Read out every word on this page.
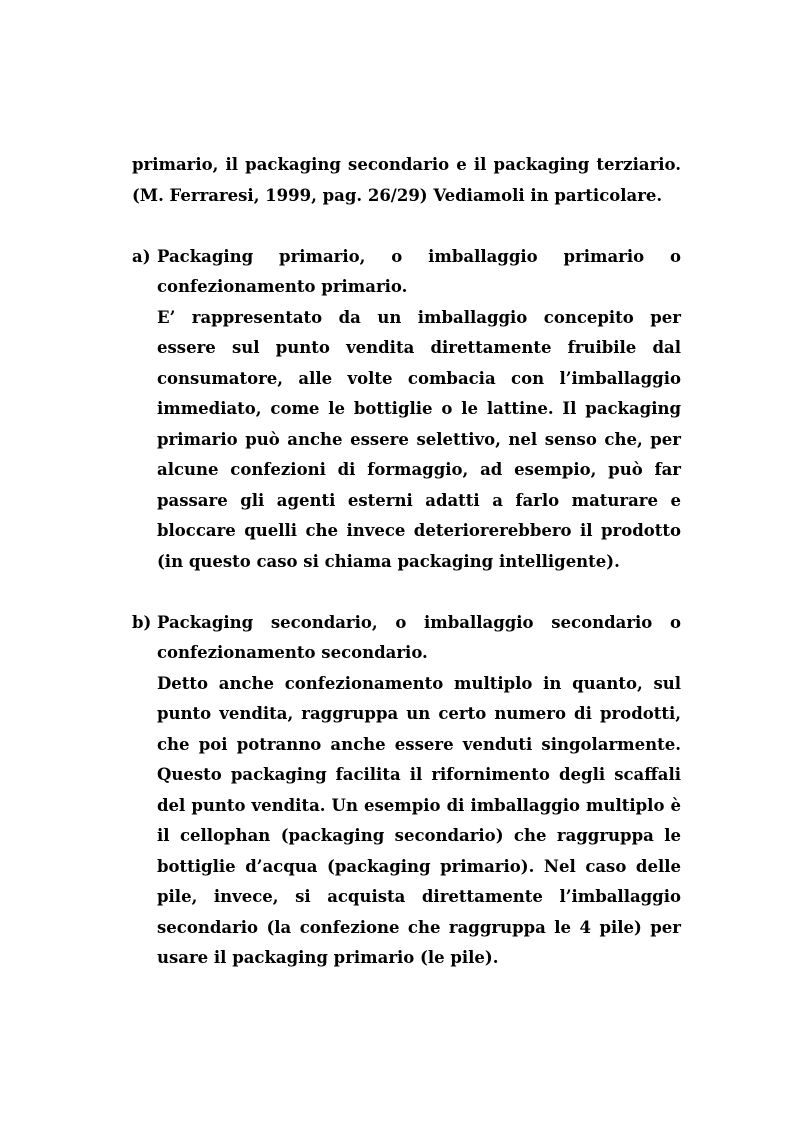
primario, il packaging secondario e il packaging terziario. (M. Ferraresi, 1999, pag. 26/29) Vediamoli in particolare.

a) Packaging primario, o imballaggio primario o confezionamento primario.

E’ rappresentato da un imballaggio concepito per essere sul punto vendita direttamente fruibile dal consumatore, alle volte combacia con l’imballaggio immediato, come le bottiglie o le lattine. Il packaging primario può anche essere selettivo, nel senso che, per alcune confezioni di formaggio, ad esempio, può far passare gli agenti esterni adatti a farlo maturare e bloccare quelli che invece deteriorerebbero il prodotto (in questo caso si chiama packaging intelligente).

b) Packaging secondario, o imballaggio secondario o confezionamento secondario.

Detto anche confezionamento multiplo in quanto, sul punto vendita, raggruppa un certo numero di prodotti, che poi potranno anche essere venduti singolarmente. Questo packaging facilita il rifornimento degli scaffali del punto vendita. Un esempio di imballaggio multiplo è il cellophan (packaging secondario) che raggruppa le bottiglie d’acqua (packaging primario). Nel caso delle pile, invece, si acquista direttamente l’imballaggio secondario (la confezione che raggruppa le 4 pile) per usare il packaging primario (le pile).
